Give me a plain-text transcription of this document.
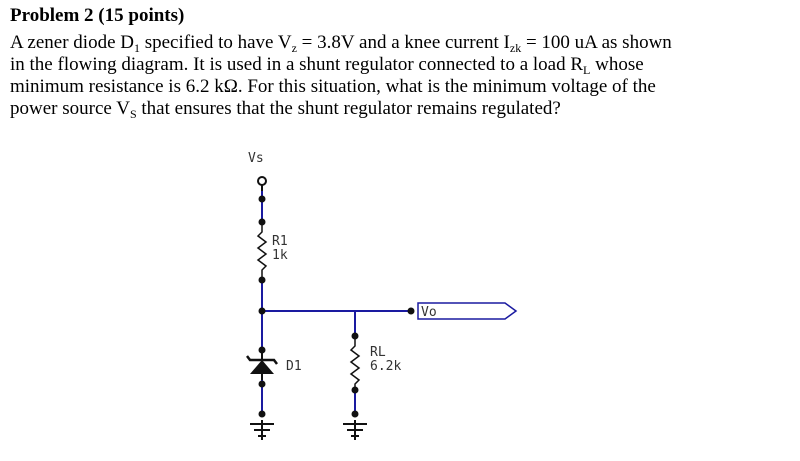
Problem 2 (15 points)

A zener diode $D_1$ specified to have $V_z = 3.8V$ and a knee current $I_{zk} = 100$ uA as shown

in the flowing diagram. It is used in a shunt regulator connected to a load $R_L$ whose

minimum resistance is 6.2 kΩ. For this situation, what is the minimum voltage of the

power source $V_S$ that ensures that the shunt regulator remains regulated?

Vs
R1
1k
D1
RL
6.2k
Vo
